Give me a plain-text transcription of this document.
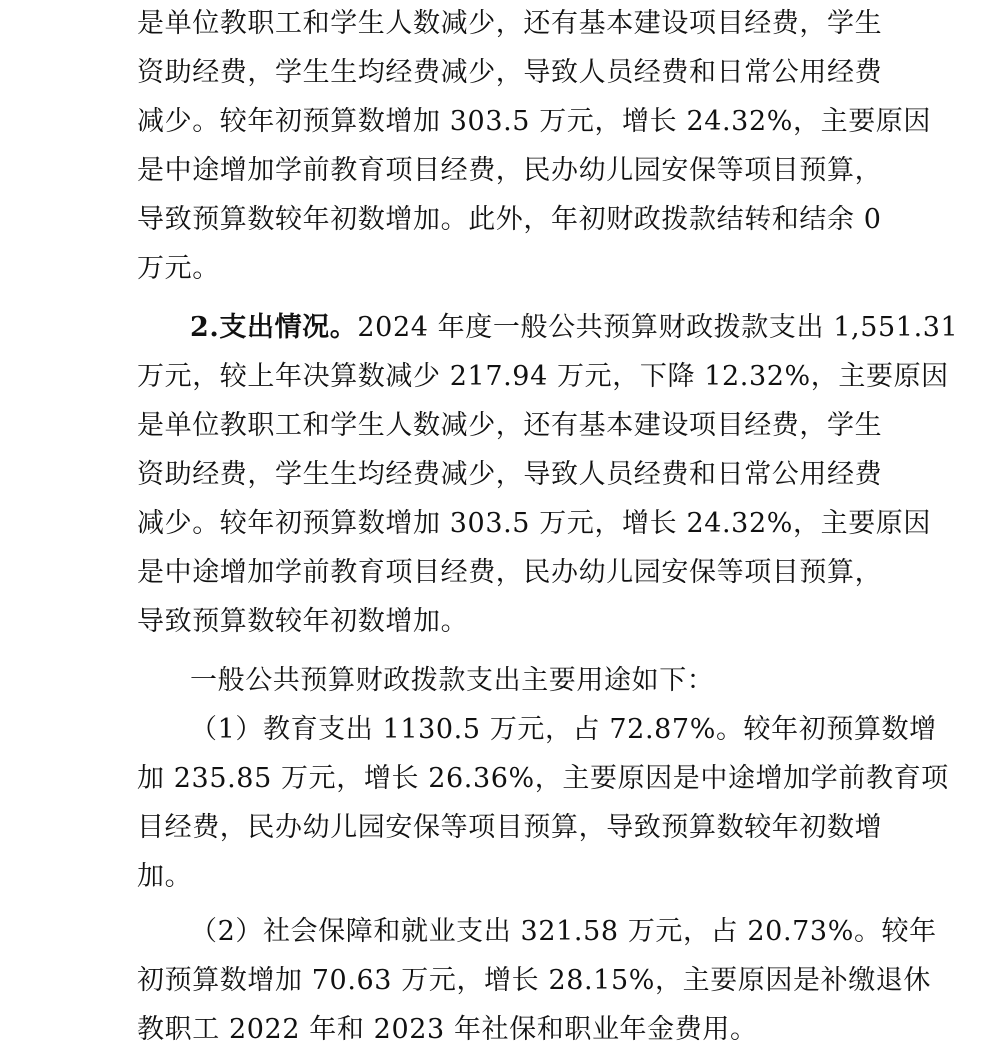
是单位教职工和学生人数减少，还有基本建设项目经费，学生
资助经费，学生生均经费减少，导致人员经费和日常公用经费
减少。较年初预算数增加 303.5 万元，增长 24.32%，主要原因
是中途增加学前教育项目经费，民办幼儿园安保等项目预算，
导致预算数较年初数增加。此外，年初财政拨款结转和结余 0
万元。
2.支出情况。2024 年度一般公共预算财政拨款支出 1,551.31
万元，较上年决算数减少 217.94 万元，下降 12.32%，主要原因
是单位教职工和学生人数减少，还有基本建设项目经费，学生
资助经费，学生生均经费减少，导致人员经费和日常公用经费
减少。较年初预算数增加 303.5 万元，增长 24.32%，主要原因
是中途增加学前教育项目经费，民办幼儿园安保等项目预算，
导致预算数较年初数增加。
一般公共预算财政拨款支出主要用途如下：
（1）教育支出 1130.5 万元，占 72.87%。较年初预算数增
加 235.85 万元，增长 26.36%，主要原因是中途增加学前教育项
目经费，民办幼儿园安保等项目预算，导致预算数较年初数增
加。
（2）社会保障和就业支出 321.58 万元，占 20.73%。较年
初预算数增加 70.63 万元，增长 28.15%，主要原因是补缴退休
教职工 2022 年和 2023 年社保和职业年金费用。
